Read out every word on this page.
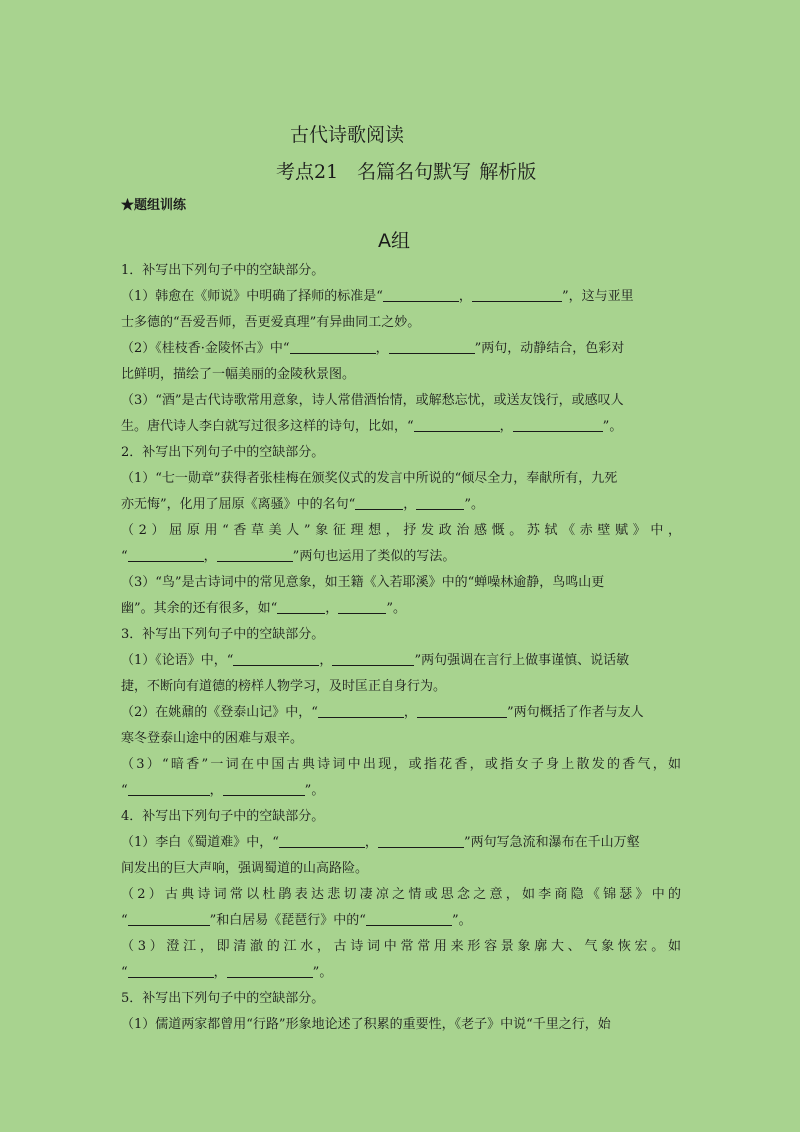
古代诗歌阅读
考点21　名篇名句默写 解析版
★题组训练
A组
1．补写出下列句子中的空缺部分。
（1）韩愈在《师说》中明确了择师的标准是“	，	”，这与亚里
士多德的“吾爱吾师，吾更爱真理”有异曲同工之妙。
（2）《桂枝香·金陵怀古》中“	，	”两句，动静结合，色彩对
比鲜明，描绘了一幅美丽的金陵秋景图。
（3）“酒”是古代诗歌常用意象，诗人常借酒怡情，或解愁忘忧，或送友饯行，或感叹人
生。唐代诗人李白就写过很多这样的诗句，比如，“	，	”。
2．补写出下列句子中的空缺部分。
（1）“七一勋章”获得者张桂梅在颁奖仪式的发言中所说的“倾尽全力，奉献所有，九死
亦无悔”，化用了屈原《离骚》中的名句“	，	”。
（2）屈原用“香草美人”象征理想，抒发政治感慨。苏轼《赤壁赋》中，
“	，	”两句也运用了类似的写法。
（3）“鸟”是古诗词中的常见意象，如王籍《入若耶溪》中的“蝉噪林逾静，鸟鸣山更
幽”。其余的还有很多，如“	，	”。
3．补写出下列句子中的空缺部分。
（1）《论语》中，“	，	”两句强调在言行上做事谨慎、说话敏
捷，不断向有道德的榜样人物学习，及时匡正自身行为。
（2）在姚鼐的《登泰山记》中，“	，	”两句概括了作者与友人
寒冬登泰山途中的困难与艰辛。
（3）“暗香”一词在中国古典诗词中出现，或指花香，或指女子身上散发的香气，如
“	，	”。
4．补写出下列句子中的空缺部分。
（1）李白《蜀道难》中，“	，	”两句写急流和瀑布在千山万壑
间发出的巨大声响，强调蜀道的山高路险。
（2）古典诗词常以杜鹃表达悲切凄凉之情或思念之意，如李商隐《锦瑟》中的
“	”和白居易《琵琶行》中的“	”。
（3）澄江，即清澈的江水，古诗词中常常用来形容景象廓大、气象恢宏。如
“	，	”。
5．补写出下列句子中的空缺部分。
（1）儒道两家都曾用“行路”形象地论述了积累的重要性，《老子》中说“千里之行，始
